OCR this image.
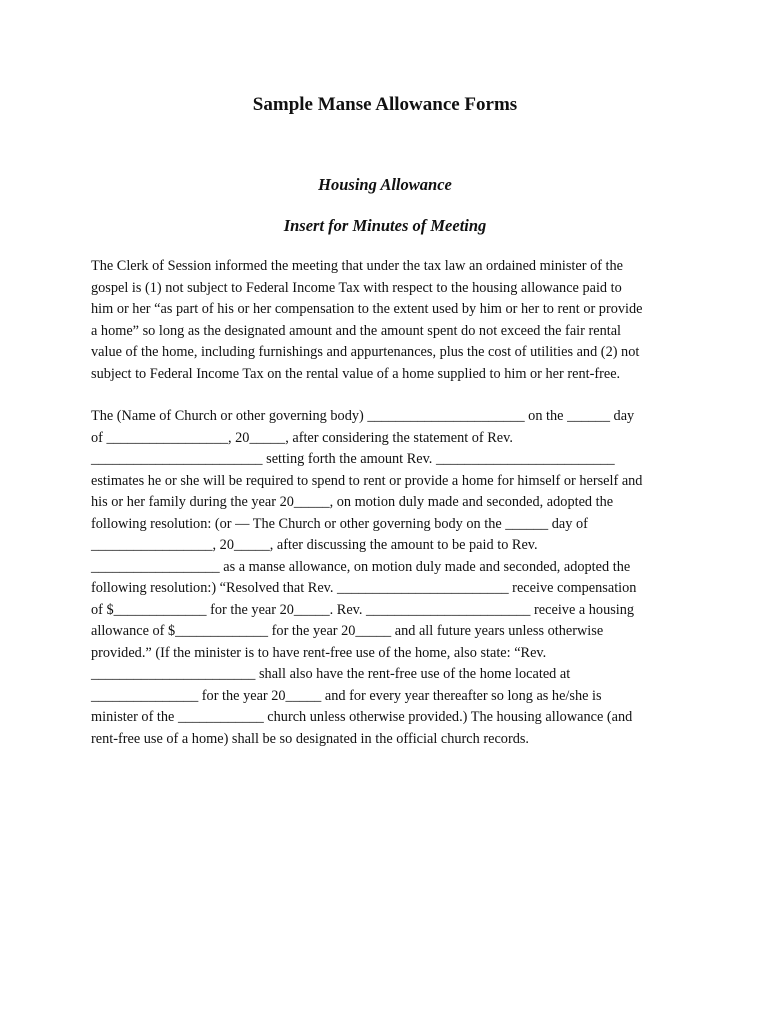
Sample Manse Allowance Forms
Housing Allowance
Insert for Minutes of Meeting

The Clerk of Session informed the meeting that under the tax law an ordained minister of the
gospel is (1) not subject to Federal Income Tax with respect to the housing allowance paid to
him or her “as part of his or her compensation to the extent used by him or her to rent or provide
a home” so long as the designated amount and the amount spent do not exceed the fair rental
value of the home, including furnishings and appurtenances, plus the cost of utilities and (2) not
subject to Federal Income Tax on the rental value of a home supplied to him or her rent-free.

The (Name of Church or other governing body) ______________________ on the ______ day
of _________________, 20_____, after considering the statement of Rev.
________________________ setting forth the amount Rev. _________________________
estimates he or she will be required to spend to rent or provide a home for himself or herself and
his or her family during the year 20_____, on motion duly made and seconded, adopted the
following resolution: (or — The Church or other governing body on the ______ day of
_________________, 20_____, after discussing the amount to be paid to Rev.
__________________ as a manse allowance, on motion duly made and seconded, adopted the
following resolution:) “Resolved that Rev. ________________________ receive compensation
of $_____________ for the year 20_____. Rev. _______________________ receive a housing
allowance of $_____________ for the year 20_____ and all future years unless otherwise
provided.” (If the minister is to have rent-free use of the home, also state: “Rev.
_______________________ shall also have the rent-free use of the home located at
_______________ for the year 20_____ and for every year thereafter so long as he/she is
minister of the ____________ church unless otherwise provided.) The housing allowance (and
rent-free use of a home) shall be so designated in the official church records.
